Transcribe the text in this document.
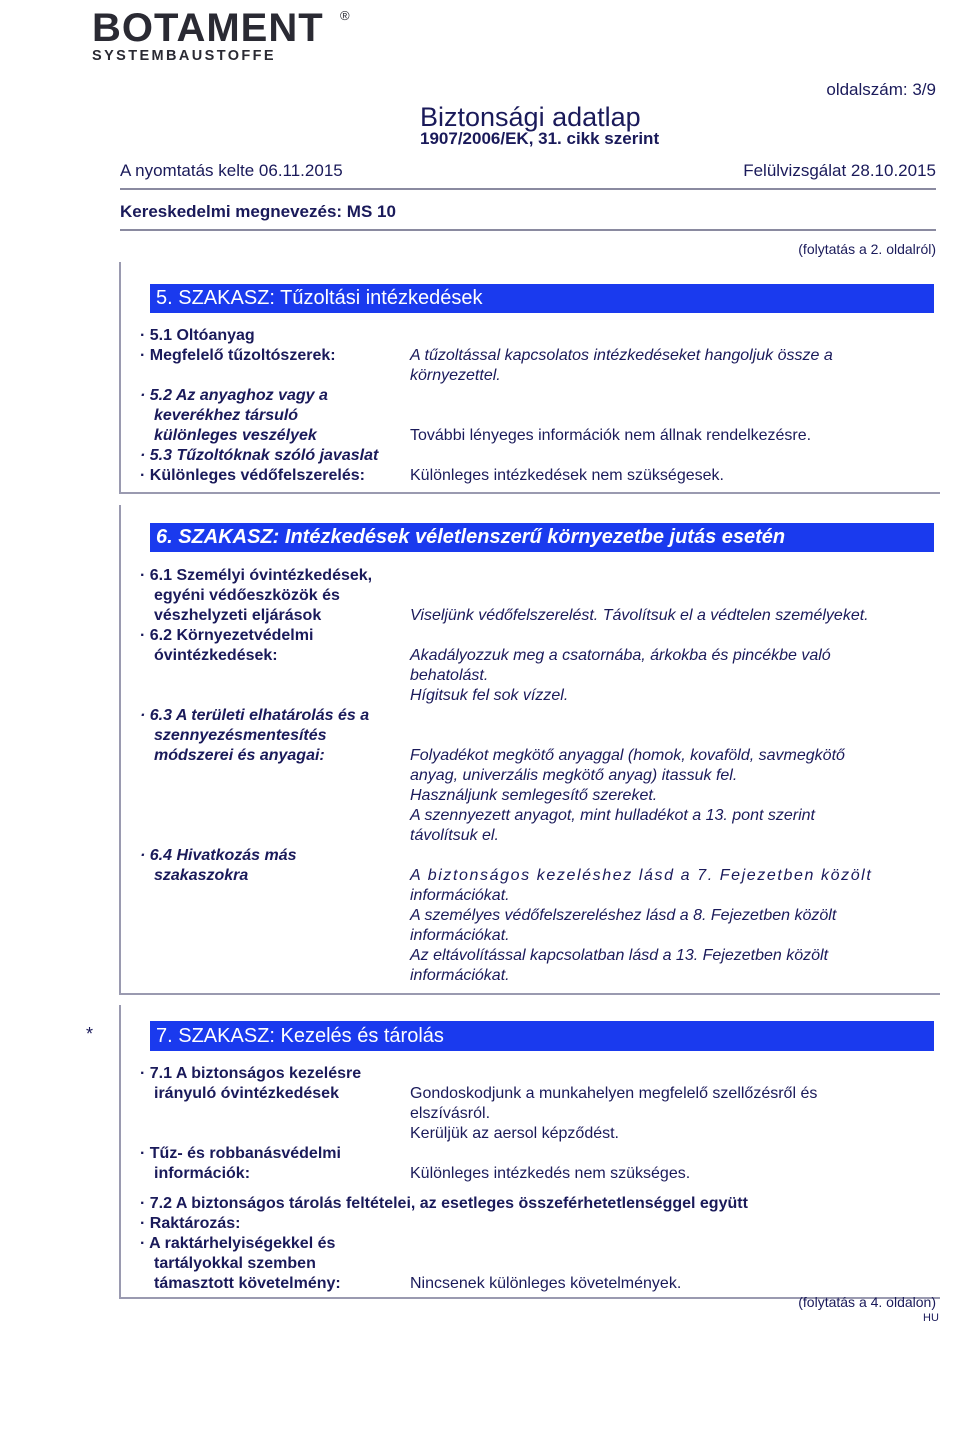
BOTAMENT ®
SYSTEMBAUSTOFFE
oldalszám: 3/9
Biztonsági adatlap
1907/2006/EK, 31. cikk szerint
A nyomtatás kelte 06.11.2015	Felülvizsgálat 28.10.2015
Kereskedelmi megnevezés: MS 10
(folytatás a 2. oldalról)
5. SZAKASZ: Tűzoltási intézkedések
· 5.1 Oltóanyag
· Megfelelő tűzoltószerek:	A tűzoltással kapcsolatos intézkedéseket hangoljuk össze a
környezettel.
· 5.2 Az anyaghoz vagy a
keverékhez társuló
különleges veszélyek	További lényeges információk nem állnak rendelkezésre.
· 5.3 Tűzoltóknak szóló javaslat
· Különleges védőfelszerelés:	Különleges intézkedések nem szükségesek.
6. SZAKASZ: Intézkedések véletlenszerű környezetbe jutás esetén
· 6.1 Személyi óvintézkedések,
egyéni védőeszközök és
vészhelyzeti eljárások	Viseljünk védőfelszerelést. Távolítsuk el a védtelen személyeket.
· 6.2 Környezetvédelmi
óvintézkedések:	Akadályozzuk meg a csatornába, árkokba és pincékbe való
behatolást.
Hígitsuk fel sok vízzel.
· 6.3 A területi elhatárolás és a
szennyezésmentesítés
módszerei és anyagai:	Folyadékot megkötő anyaggal (homok, kovaföld, savmegkötő
anyag, univerzális megkötő anyag) itassuk fel.
Használjunk semlegesítő szereket.
A szennyezett anyagot, mint hulladékot a 13. pont szerint
távolítsuk el.
· 6.4 Hivatkozás más
szakaszokra	A biztonságos kezeléshez lásd a 7. Fejezetben közölt
információkat.
A személyes védőfelszereléshez lásd a 8. Fejezetben közölt
információkat.
Az eltávolítással kapcsolatban lásd a 13. Fejezetben közölt
információkat.
*	7. SZAKASZ: Kezelés és tárolás
· 7.1 A biztonságos kezelésre
irányuló óvintézkedések	Gondoskodjunk a munkahelyen megfelelő szellőzésről és
elszívásról.
Kerüljük az aersol képződést.
· Tűz- és robbanásvédelmi
információk:	Különleges intézkedés nem szükséges.
· 7.2 A biztonságos tárolás feltételei, az esetleges összeférhetetlenséggel együtt
· Raktározás:
· A raktárhelyiségekkel és
tartályokkal szemben
támasztott követelmény:	Nincsenek különleges követelmények.
(folytatás a 4. oldalon)
HU
